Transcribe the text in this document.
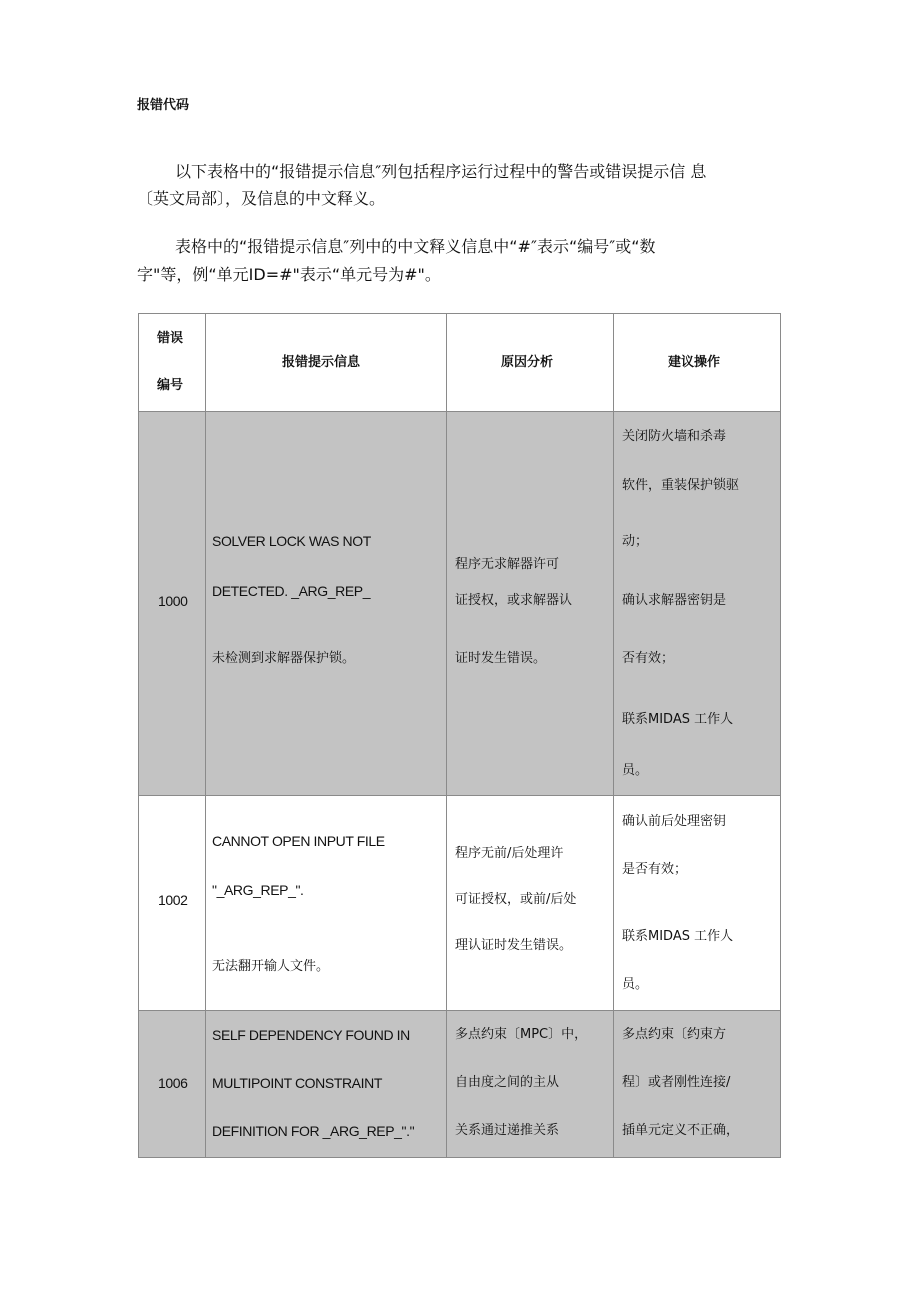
报错代码
以下表格中的“报错提示信息″列包括程序运行过程中的警告或错误提示信 息
〔英文局部〕，及信息的中文释义。
表格中的“报错提示信息″列中的中文释义信息中“#″表示“编号″或“数
字"等，例“单元ID=#"表示“单元号为#"。
错误
编号
报错提示信息	原因分析	建议操作
1000
SOLVER LOCK WAS NOT
DETECTED. _ARG_REP_
未检测到求解器保护锁。
程序无求解器许可
证授权，或求解器认
证时发生错误。
关闭防火墙和杀毒
软件，重装保护锁驱
动；
确认求解器密钥是
否有效；
联系MIDAS 工作人
员。
1002
CANNOT OPEN INPUT FILE
"_ARG_REP_".
无法翻开输人文件。
程序无前/后处理许
可证授权，或前/后处
理认证时发生错误。
确认前后处理密钥
是否有效；
联系MIDAS 工作人
员。
1006
SELF DEPENDENCY FOUND IN
MULTIPOINT CONSTRAINT
DEFINITION FOR _ARG_REP_"."
多点约束〔MPC〕中，
自由度之间的主从
关系通过递推关系
多点约束〔约束方
程〕或者刚性连接/
插单元定义不正确，
